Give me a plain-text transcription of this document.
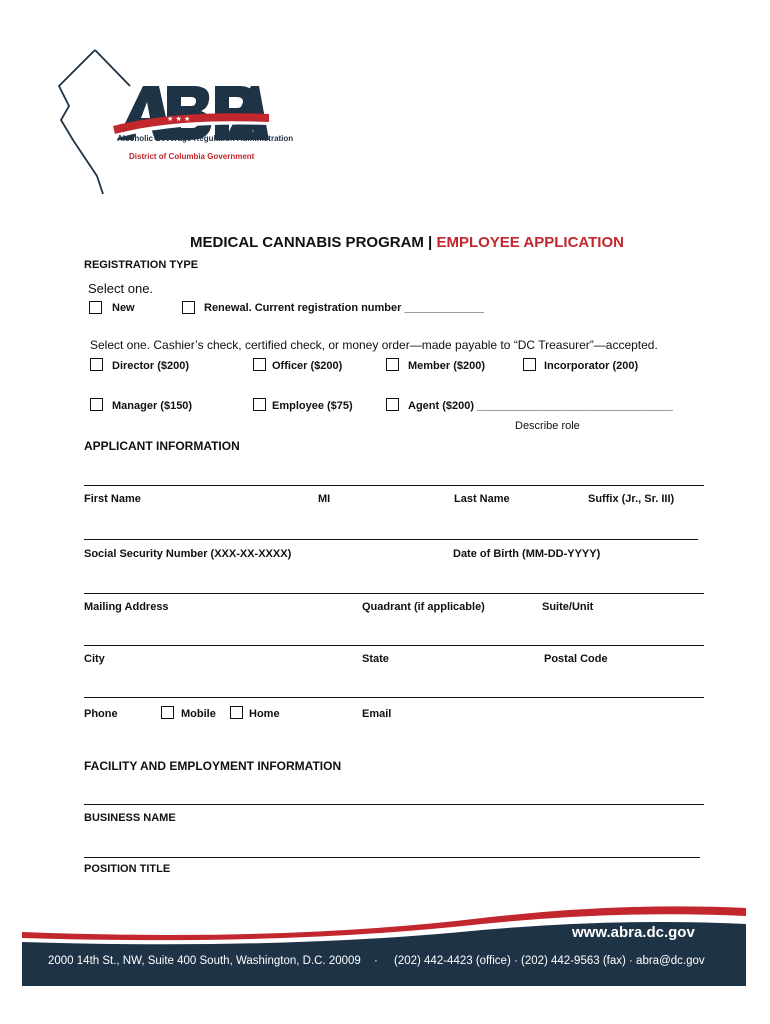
★ ★ ★
Alcoholic Beverage Regulation Administration
District of Columbia Government
MEDICAL CANNABIS PROGRAM | EMPLOYEE APPLICATION
REGISTRATION TYPE
Select one.
New	Renewal. Current registration number _____________
Select one. Cashier’s check, certified check, or money order—made payable to “DC Treasurer”—accepted.
Director ($200)	Officer ($200)	Member ($200)	Incorporator (200)
Manager ($150)	Employee ($75)	Agent ($200) ________________________________
Describe role
APPLICANT INFORMATION
First Name	MI	Last Name	Suffix (Jr., Sr. III)
Social Security Number (XXX-XX-XXXX)	Date of Birth (MM-DD-YYYY)
Mailing Address	Quadrant (if applicable)	Suite/Unit
City	State	Postal Code
Phone	Mobile	Home	Email
FACILITY AND EMPLOYMENT INFORMATION
BUSINESS NAME
POSITION TITLE
www.abra.dc.gov
2000 14th St., NW, Suite 400 South, Washington, D.C. 20009 · (202) 442-4423 (office) · (202) 442-9563 (fax) · abra@dc.gov
